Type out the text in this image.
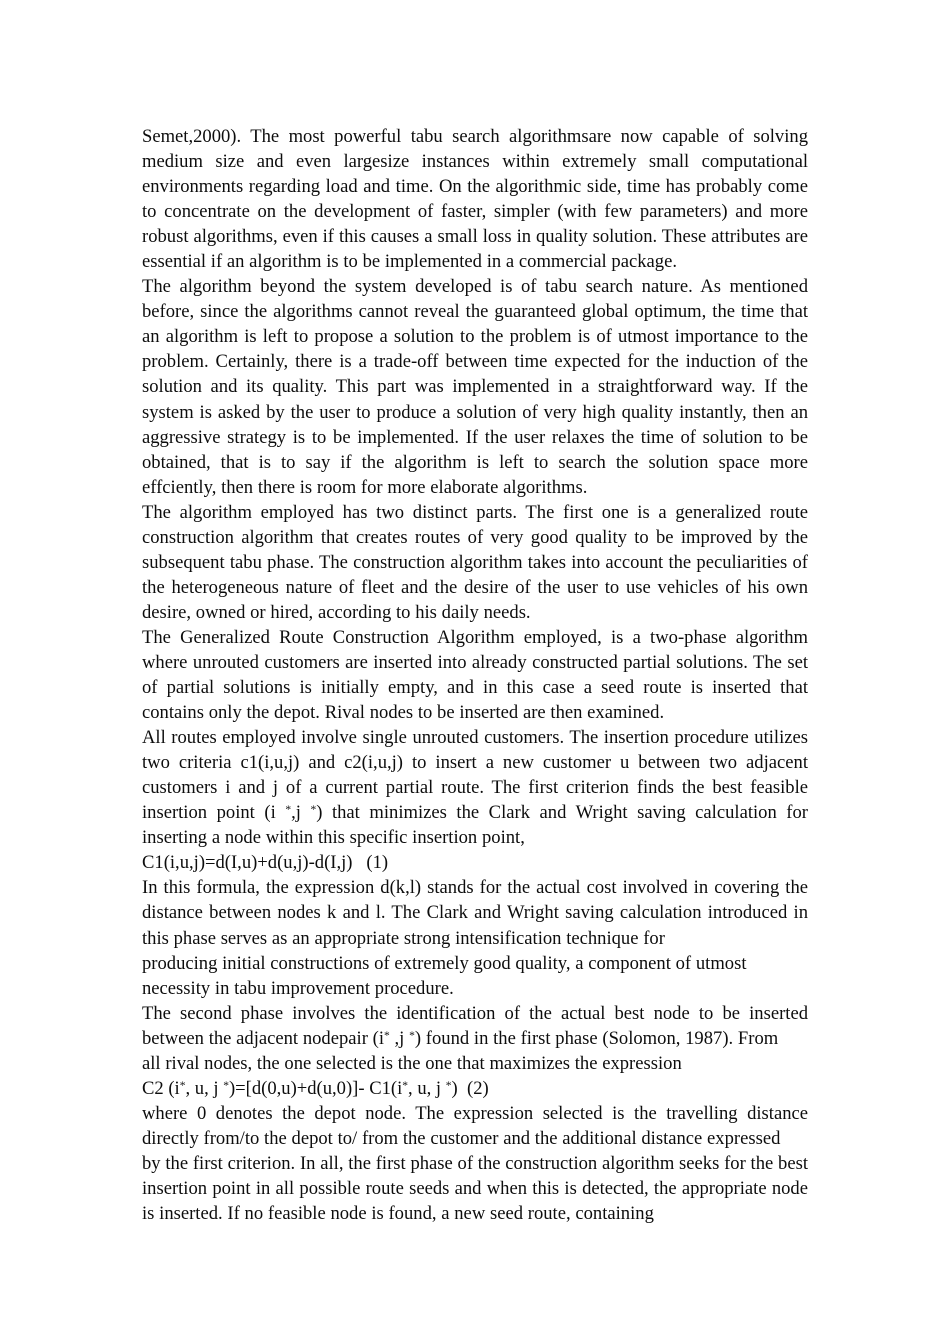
Semet,2000). The most powerful tabu search algorithmsare now capable of solving medium size and even largesize instances within extremely small computational environments regarding load and time. On the algorithmic side, time has probably come to concentrate on the development of faster, simpler (with few parameters) and more robust algorithms, even if this causes a small loss in quality solution. These attributes are essential if an algorithm is to be implemented in a commercial package.

The algorithm beyond the system developed is of tabu search nature. As mentioned before, since the algorithms cannot reveal the guaranteed global optimum, the time that an algorithm is left to propose a solution to the problem is of utmost importance to the problem. Certainly, there is a trade-off between time expected for the induction of the solution and its quality. This part was implemented in a straightforward way. If the system is asked by the user to produce a solution of very high quality instantly, then an aggressive strategy is to be implemented. If the user relaxes the time of solution to be obtained, that is to say if the algorithm is left to search the solution space more effciently, then there is room for more elaborate algorithms.

The algorithm employed has two distinct parts. The first one is a generalized route construction algorithm that creates routes of very good quality to be improved by the subsequent tabu phase. The construction algorithm takes into account the peculiarities of the heterogeneous nature of fleet and the desire of the user to use vehicles of his own desire, owned or hired, according to his daily needs.

The Generalized Route Construction Algorithm employed, is a two-phase algorithm where unrouted customers are inserted into already constructed partial solutions. The set of partial solutions is initially empty, and in this case a seed route is inserted that contains only the depot. Rival nodes to be inserted are then examined.

All routes employed involve single unrouted customers. The insertion procedure utilizes two criteria c1(i,u,j) and c2(i,u,j) to insert a new customer u between two adjacent customers i and j of a current partial route. The first criterion finds the best feasible insertion point (i *,j *) that minimizes the Clark and Wright saving calculation for inserting a node within this specific insertion point,

C1(i,u,j)=d(I,u)+d(u,j)-d(I,j)   (1)

In this formula, the expression d(k,l) stands for the actual cost involved in covering the distance between nodes k and l. The Clark and Wright saving calculation introduced in this phase serves as an appropriate strong intensification technique for

producing initial constructions of extremely good quality, a component of utmost necessity in tabu improvement procedure.

The second phase involves the identification of the actual best node to be inserted between the adjacent nodepair (i* ,j *) found in the first phase (Solomon, 1987). From

all rival nodes, the one selected is the one that maximizes the expression

C2 (i*, u, j *)=[d(0,u)+d(u,0)]- C1(i*, u, j *)  (2)

where 0 denotes the depot node. The expression selected is the travelling distance directly from/to the depot to/ from the customer and the additional distance expressed

by the first criterion. In all, the first phase of the construction algorithm seeks for the best insertion point in all possible route seeds and when this is detected, the appropriate node is inserted. If no feasible node is found, a new seed route, containing
